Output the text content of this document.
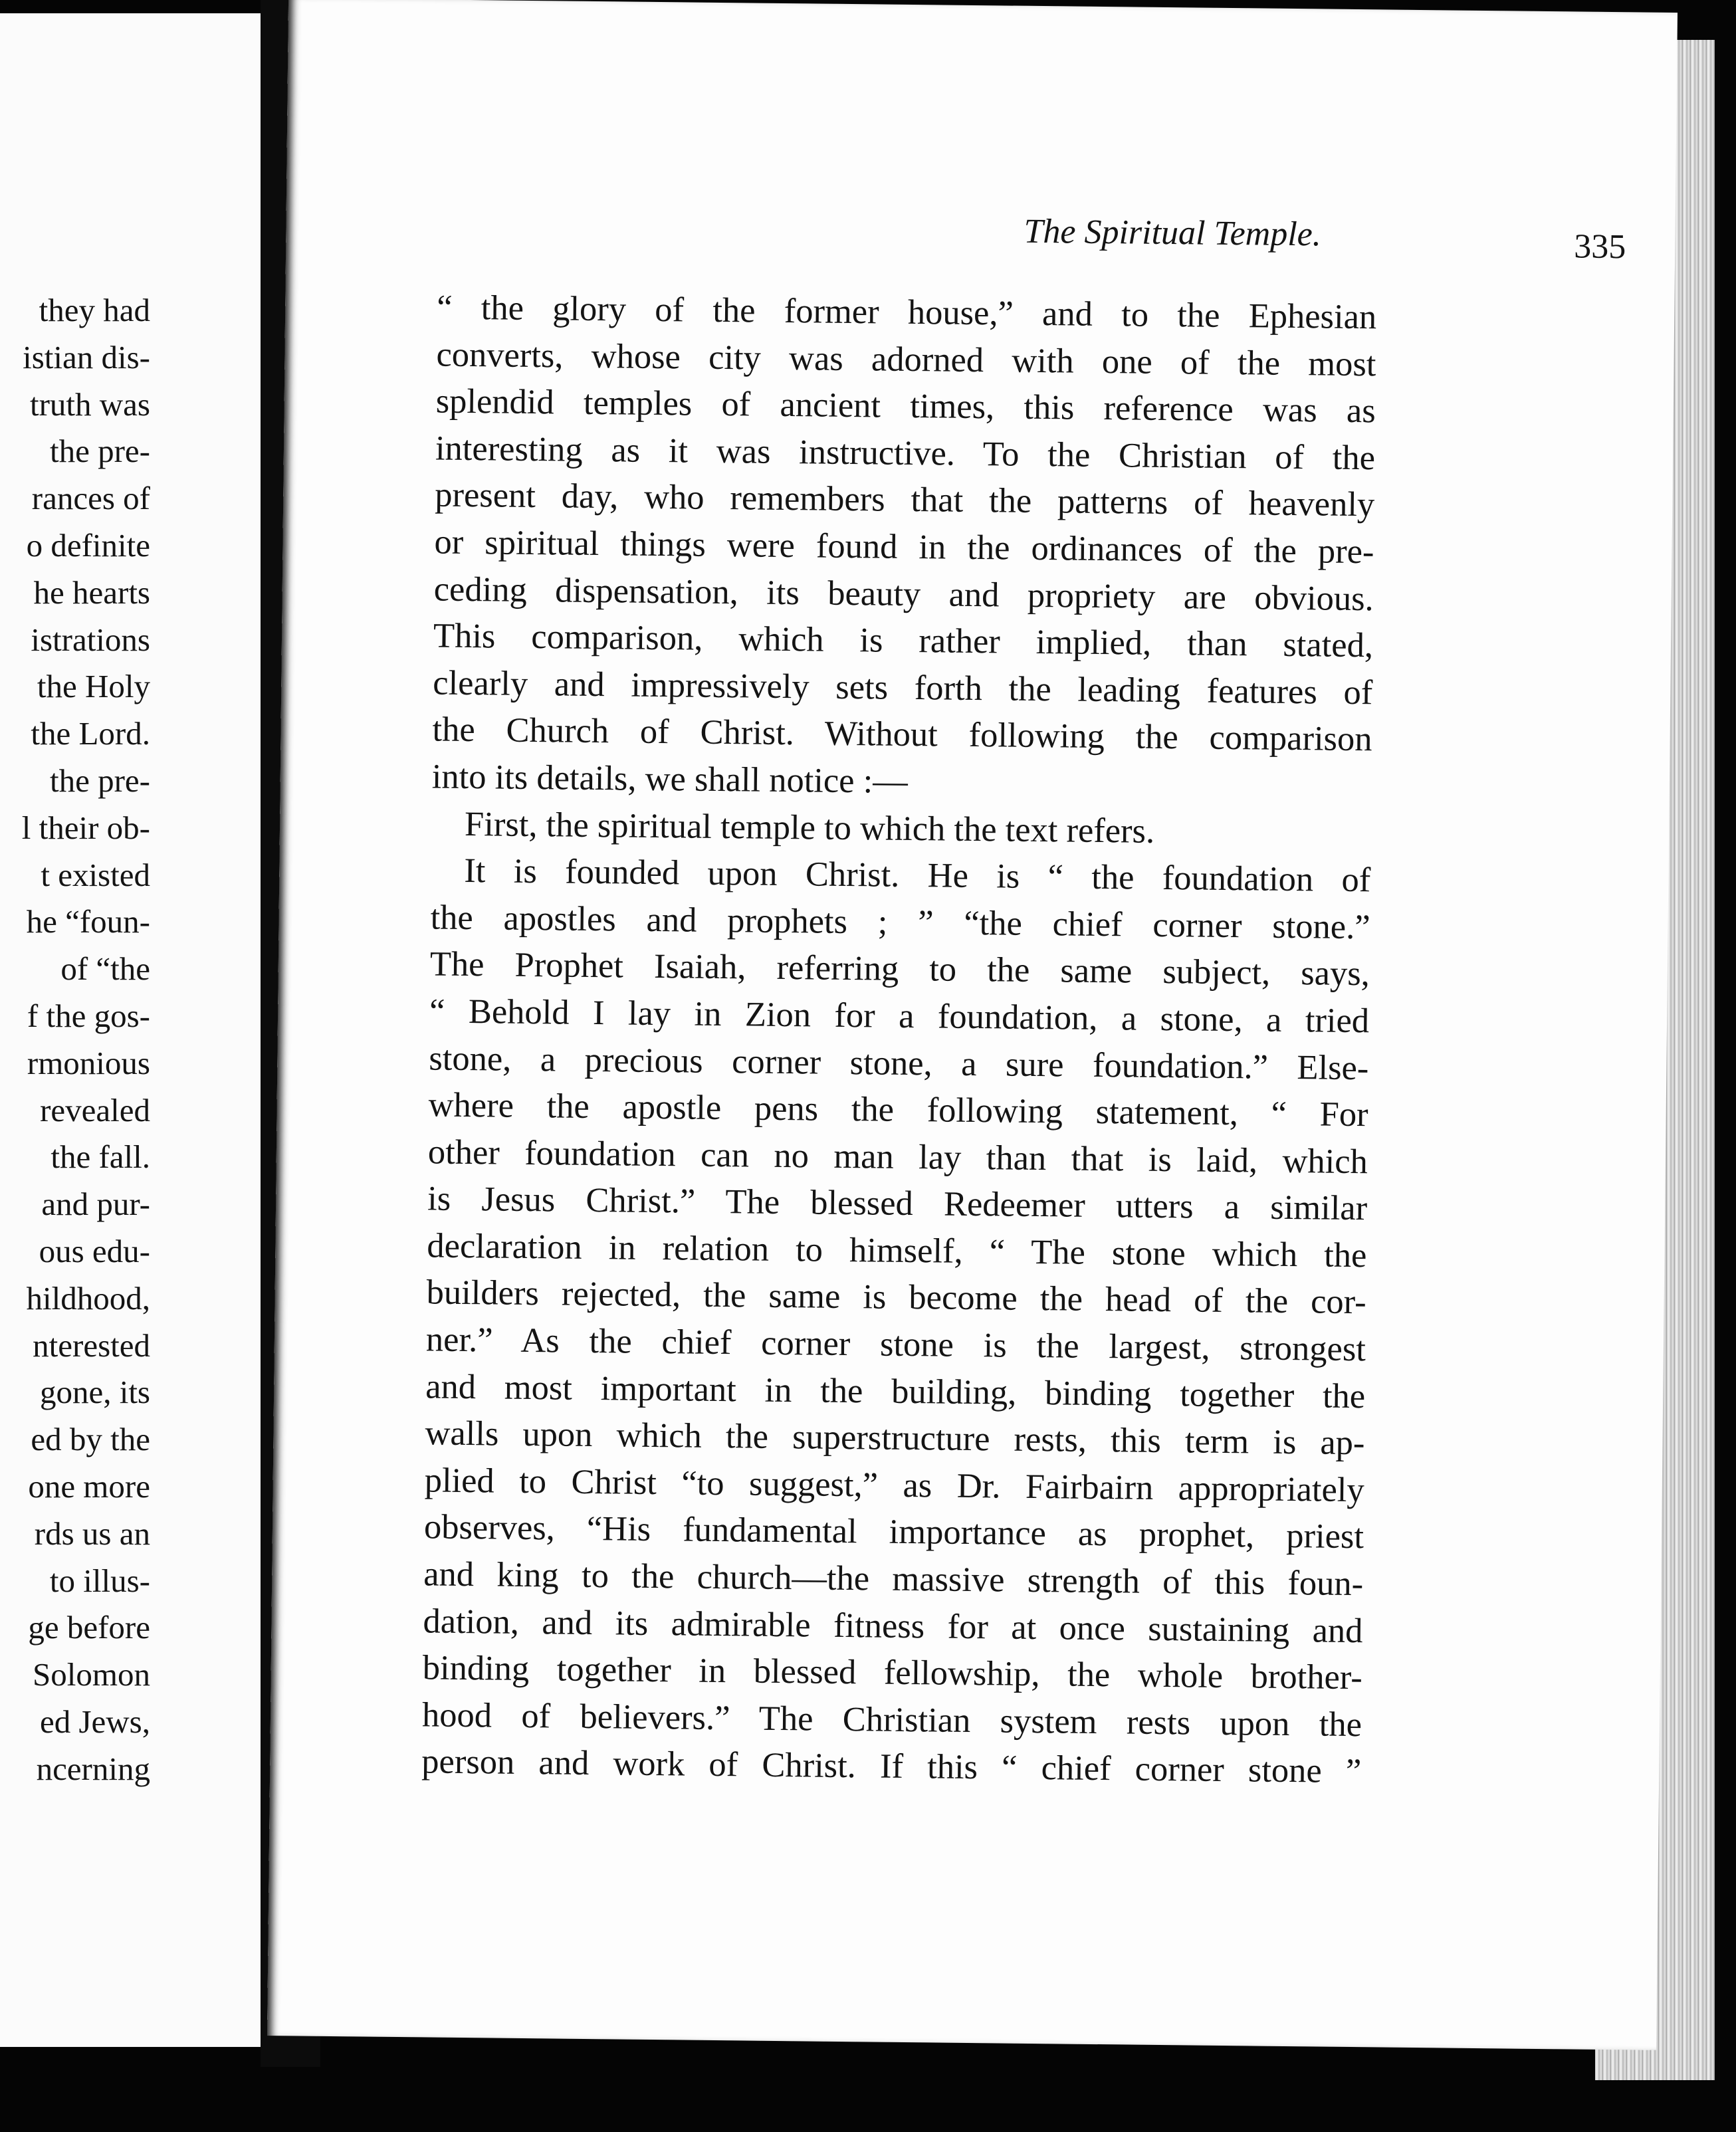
they had
istian dis-
truth was
the pre-
rances of
o definite
he hearts
istrations
the Holy
the Lord.
the pre-
l their ob-
t existed
he “foun-
of “the
f the gos-
rmonious
revealed
the fall.
and pur-
ous edu-
hildhood,
nterested
gone, its
ed by the
one more
rds us an
to illus-
ge before
Solomon
ed Jews,
ncerning
The Spiritual Temple.	335
“ the glory of the former house,” and to the Ephesian
converts, whose city was adorned with one of the most
splendid temples of ancient times, this reference was as
interesting as it was instructive. To the Christian of the
present day, who remembers that the patterns of heavenly
or spiritual things were found in the ordinances of the pre-
ceding dispensation, its beauty and propriety are obvious.
This comparison, which is rather implied, than stated,
clearly and impressively sets forth the leading features of
the Church of Christ. Without following the comparison
into its details, we shall notice :—
First, the spiritual temple to which the text refers.
It is founded upon Christ. He is “ the foundation of
the apostles and prophets ; ” “the chief corner stone.”
The Prophet Isaiah, referring to the same subject, says,
“ Behold I lay in Zion for a foundation, a stone, a tried
stone, a precious corner stone, a sure foundation.” Else-
where the apostle pens the following statement, “ For
other foundation can no man lay than that is laid, which
is Jesus Christ.” The blessed Redeemer utters a similar
declaration in relation to himself, “ The stone which the
builders rejected, the same is become the head of the cor-
ner.” As the chief corner stone is the largest, strongest
and most important in the building, binding together the
walls upon which the superstructure rests, this term is ap-
plied to Christ “to suggest,” as Dr. Fairbairn appropriately
observes, “His fundamental importance as prophet, priest
and king to the church—the massive strength of this foun-
dation, and its admirable fitness for at once sustaining and
binding together in blessed fellowship, the whole brother-
hood of believers.” The Christian system rests upon the
person and work of Christ. If this “ chief corner stone ”
